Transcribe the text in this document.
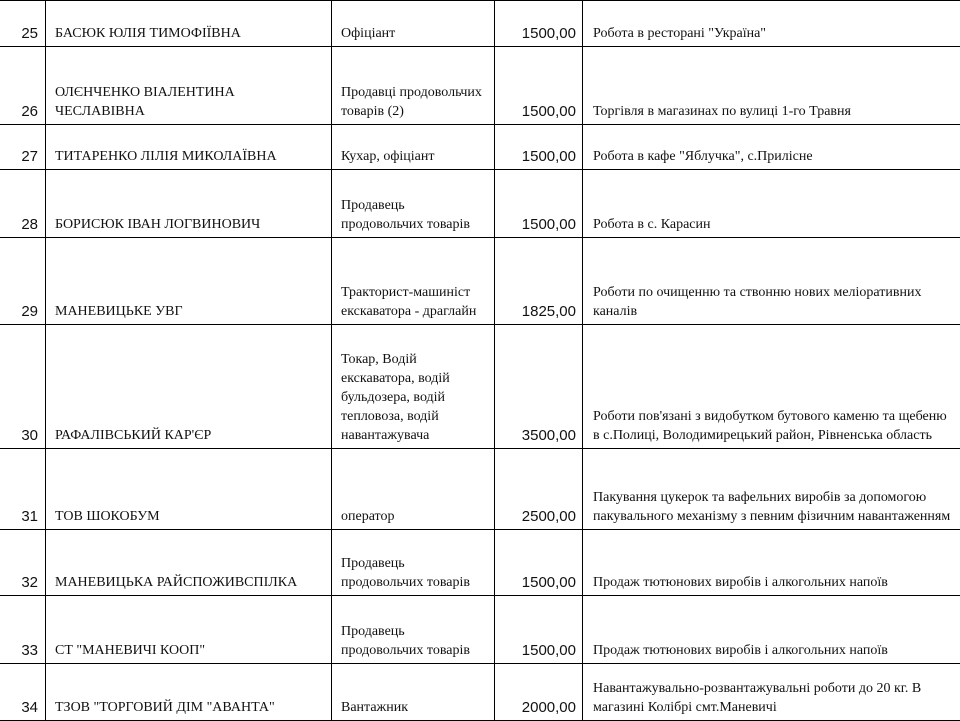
25	БАСЮК ЮЛІЯ ТИМОФІЇВНА	Офіціант	1500,00	Робота в ресторані "Україна"
26	ОЛЄНЧЕНКО ВІАЛЕНТИНА ЧЕСЛАВІВНА	Продавці продовольчих товарів (2)	1500,00	Торгівля в магазинах по вулиці 1-го Травня
27	ТИТАРЕНКО ЛІЛІЯ МИКОЛАЇВНА	Кухар, офіціант	1500,00	Робота в кафе "Яблучка", с.Прилісне
28	БОРИСЮК ІВАН ЛОГВИНОВИЧ	Продавець продовольчих товарів	1500,00	Робота в с. Карасин
29	МАНЕВИЦЬКЕ УВГ	Тракторист-машиніст екскаватора - драглайн	1825,00	Роботи по очищенню та ствонню нових меліоративних каналів
30	РАФАЛІВСЬКИЙ КАР'ЄР	Токар, Водій екскаватора, водій бульдозера, водій тепловоза, водій навантажувача	3500,00	Роботи пов'язані з видобутком бутового каменю та щебеню в с.Полиці, Володимирецький район, Рівненська область
31	ТОВ ШОКОБУМ	оператор	2500,00	Пакування цукерок та вафельних виробів за допомогою пакувального механізму з певним фізичним навантаженням
32	МАНЕВИЦЬКА РАЙСПОЖИВСПІЛКА	Продавець продовольчих товарів	1500,00	Продаж тютюнових виробів і алкогольних напоїв
33	СТ "МАНЕВИЧІ КООП"	Продавець продовольчих товарів	1500,00	Продаж тютюнових виробів і алкогольних напоїв
34	ТЗОВ "ТОРГОВИЙ ДІМ "АВАНТА"	Вантажник	2000,00	Навантажувально-розвантажувальні роботи до 20 кг. В магазині Колібрі смт.Маневичі
